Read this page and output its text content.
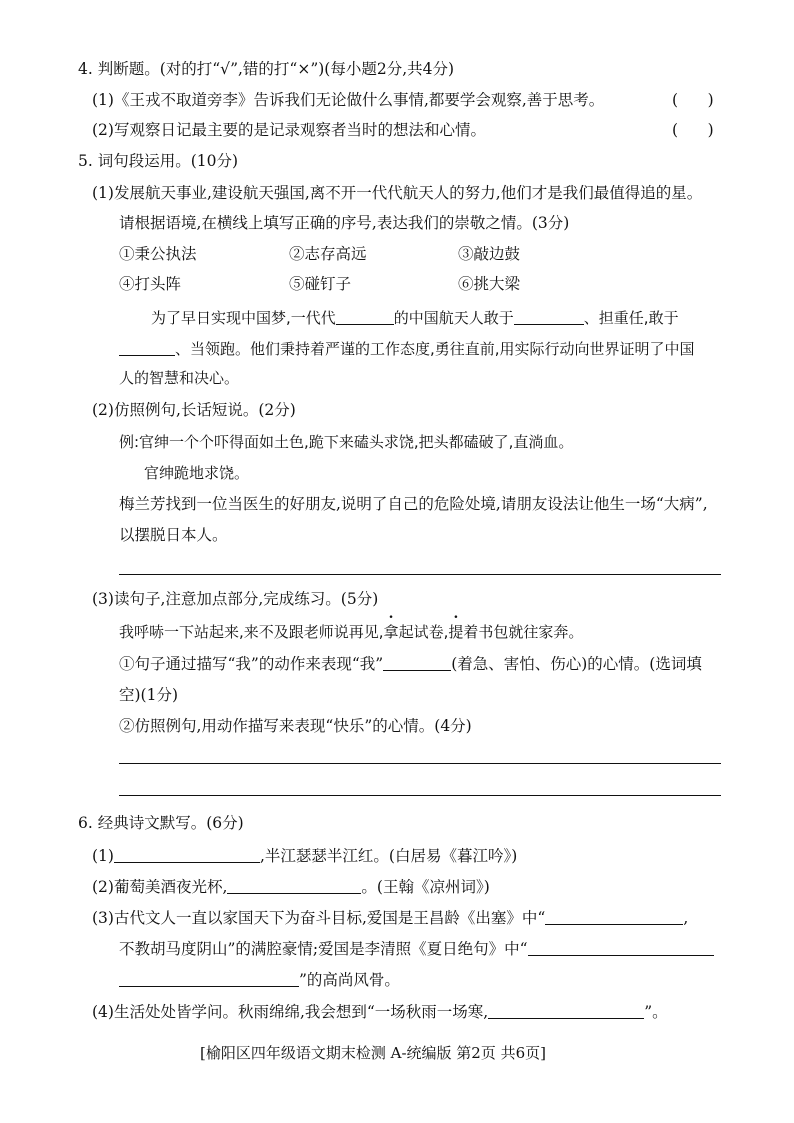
4. 判断题。(对的打“√”,错的打“×”)(每小题2分,共4分)
(1)《王戎不取道旁李》告诉我们无论做什么事情,都要学会观察,善于思考。	(      )
(2)写观察日记最主要的是记录观察者当时的想法和心情。	(      )
5. 词句段运用。(10分)
(1)发展航天事业,建设航天强国,离不开一代代航天人的努力,他们才是我们最值得追的星。
请根据语境,在横线上填写正确的序号,表达我们的崇敬之情。(3分)
①秉公执法	②志存高远	③敲边鼓
④打头阵	⑤碰钉子	⑥挑大梁
为了早日实现中国梦,一代代	的中国航天人敢于	、担重任,敢于
、当领跑。他们秉持着严谨的工作态度,勇往直前,用实际行动向世界证明了中国
人的智慧和决心。
(2)仿照例句,长话短说。(2分)
例:官绅一个个吓得面如土色,跪下来磕头求饶,把头都磕破了,直淌血。
官绅跪地求饶。
梅兰芳找到一位当医生的好朋友,说明了自己的危险处境,请朋友设法让他生一场“大病”,
以摆脱日本人。
(3)读句子,注意加点部分,完成练习。(5分)
我呼哧一下站起来,来不及跟老师说再见,拿起试卷,提着书包就往家奔。
①句子通过描写“我”的动作来表现“我”	(着急、害怕、伤心)的心情。(选词填
空)(1分)
②仿照例句,用动作描写来表现“快乐”的心情。(4分)
6. 经典诗文默写。(6分)
(1)	,半江瑟瑟半江红。(白居易《暮江吟》)
(2)葡萄美酒夜光杯,	。(王翰《凉州词》)
(3)古代文人一直以家国天下为奋斗目标,爱国是王昌龄《出塞》中“	,
不教胡马度阴山”的满腔豪情;爱国是李清照《夏日绝句》中“
”的高尚风骨。
(4)生活处处皆学问。秋雨绵绵,我会想到“一场秋雨一场寒,	”。
[榆阳区四年级语文期末检测 A-统编版 第2页 共6页]
